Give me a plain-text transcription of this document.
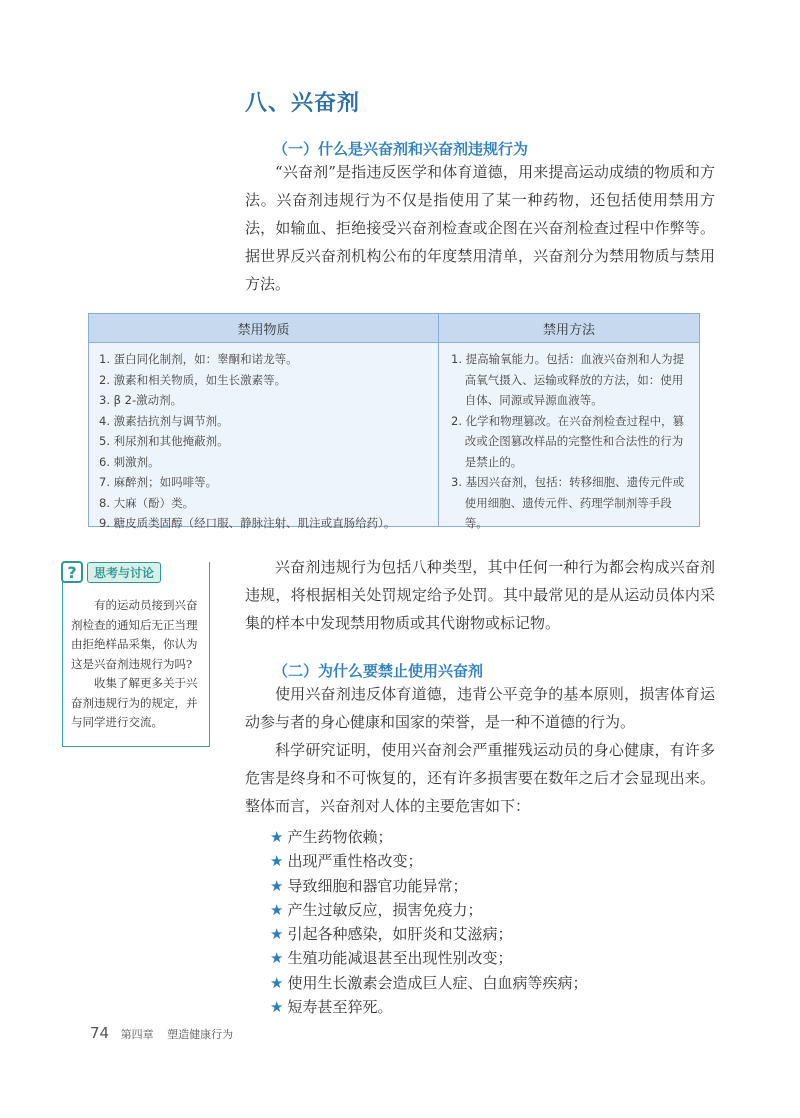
八、兴奋剂
（一）什么是兴奋剂和兴奋剂违规行为
“兴奋剂”是指违反医学和体育道德，用来提高运动成绩的物质和方法。兴奋剂违规行为不仅是指使用了某一种药物，还包括使用禁用方法，如输血、拒绝接受兴奋剂检查或企图在兴奋剂检查过程中作弊等。据世界反兴奋剂机构公布的年度禁用清单，兴奋剂分为禁用物质与禁用方法。
禁用物质	禁用方法
1. 蛋白同化制剂，如：睾酮和诺龙等。
2. 激素和相关物质，如生长激素等。
3. β 2-激动剂。
4. 激素拮抗剂与调节剂。
5. 利尿剂和其他掩蔽剂。
6. 刺激剂。
7. 麻醉剂；如吗啡等。
8. 大麻（酚）类。
9. 糖皮质类固醇（经口服、静脉注射、肌注或直肠给药）。
1. 提高输氧能力。包括：血液兴奋剂和人为提高氧气摄入、运输或释放的方法，如：使用自体、同源或异源血液等。
2. 化学和物理篡改。在兴奋剂检查过程中，篡改或企图篡改样品的完整性和合法性的行为是禁止的。
3. 基因兴奋剂，包括：转移细胞、遗传元件或使用细胞、遗传元件、药理学制剂等手段等。
?	思考与讨论

有的运动员接到兴奋剂检查的通知后无正当理由拒绝样品采集，你认为这是兴奋剂违规行为吗?

收集了解更多关于兴奋剂违规行为的规定，并与同学进行交流。

兴奋剂违规行为包括八种类型，其中任何一种行为都会构成兴奋剂违规，将根据相关处罚规定给予处罚。其中最常见的是从运动员体内采集的样本中发现禁用物质或其代谢物或标记物。
（二）为什么要禁止使用兴奋剂
使用兴奋剂违反体育道德，违背公平竞争的基本原则，损害体育运动参与者的身心健康和国家的荣誉，是一种不道德的行为。
科学研究证明，使用兴奋剂会严重摧残运动员的身心健康，有许多危害是终身和不可恢复的，还有许多损害要在数年之后才会显现出来。整体而言，兴奋剂对人体的主要危害如下：
★ 产生药物依赖；
★ 出现严重性格改变；
★ 导致细胞和器官功能异常；
★ 产生过敏反应，损害免疫力；
★ 引起各种感染，如肝炎和艾滋病；
★ 生殖功能减退甚至出现性别改变；
★ 使用生长激素会造成巨人症、白血病等疾病；
★ 短寿甚至猝死。
74 第四章 塑造健康行为
